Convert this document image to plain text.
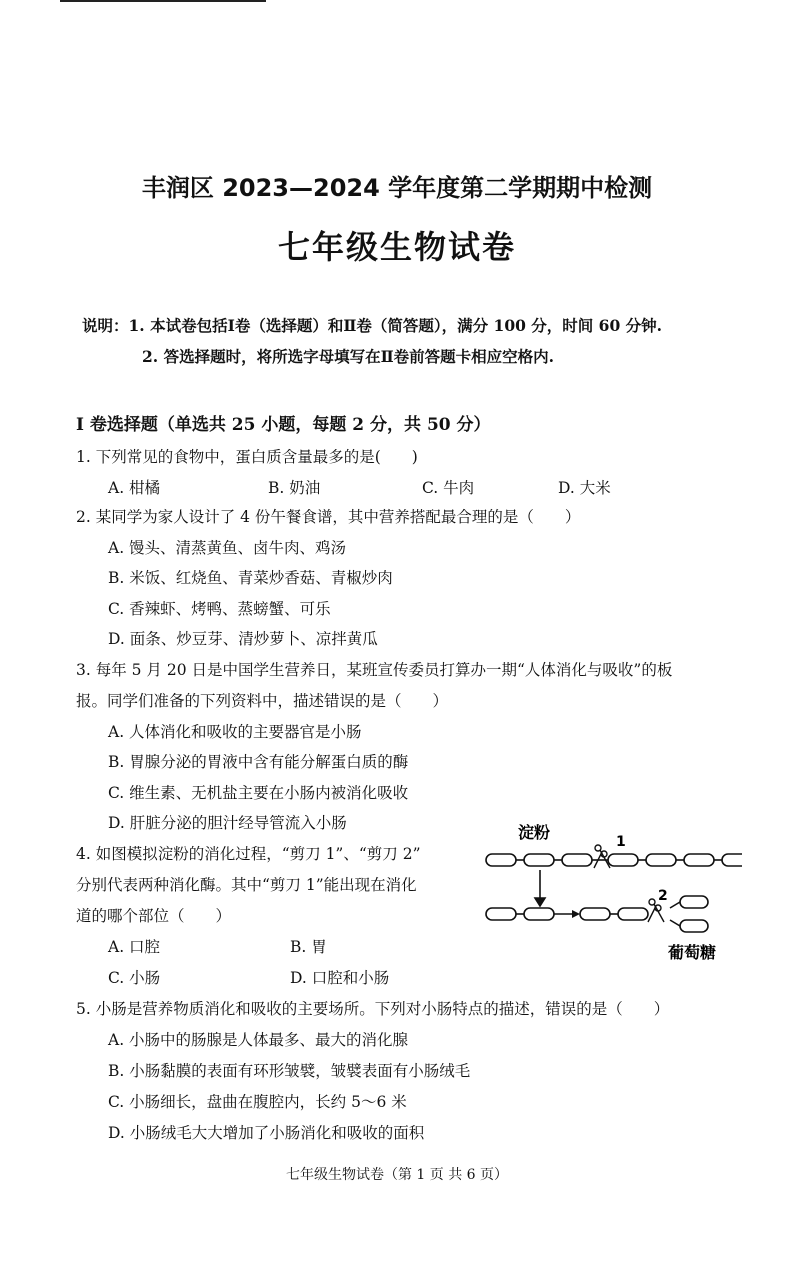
丰润区 2023—2024 学年度第二学期期中检测
七年级生物试卷
说明：1. 本试卷包括Ⅰ卷（选择题）和Ⅱ卷（简答题），满分 100 分，时间 60 分钟.
2. 答选择题时，将所选字母填写在Ⅱ卷前答题卡相应空格内.
Ⅰ 卷选择题（单选共 25 小题，每题 2 分，共 50 分）
1. 下列常见的食物中，蛋白质含量最多的是(　　)
A. 柑橘	B. 奶油	C. 牛肉	D. 大米
2. 某同学为家人设计了 4 份午餐食谱，其中营养搭配最合理的是（　　）
A. 馒头、清蒸黄鱼、卤牛肉、鸡汤
B. 米饭、红烧鱼、青菜炒香菇、青椒炒肉
C. 香辣虾、烤鸭、蒸螃蟹、可乐
D. 面条、炒豆芽、清炒萝卜、凉拌黄瓜
3. 每年 5 月 20 日是中国学生营养日，某班宣传委员打算办一期“人体消化与吸收”的板
报。同学们准备的下列资料中，描述错误的是（　　）
A. 人体消化和吸收的主要器官是小肠
B. 胃腺分泌的胃液中含有能分解蛋白质的酶
C. 维生素、无机盐主要在小肠内被消化吸收
D. 肝脏分泌的胆汁经导管流入小肠
4. 如图模拟淀粉的消化过程，“剪刀 1”、“剪刀 2”
分别代表两种消化酶。其中“剪刀 1”能出现在消化
道的哪个部位（　　）
A. 口腔	B. 胃
C. 小肠	D. 口腔和小肠
淀粉	1
2
葡萄糖
5. 小肠是营养物质消化和吸收的主要场所。下列对小肠特点的描述，错误的是（　　）
A. 小肠中的肠腺是人体最多、最大的消化腺
B. 小肠黏膜的表面有环形皱襞，皱襞表面有小肠绒毛
C. 小肠细长，盘曲在腹腔内，长约 5～6 米
D. 小肠绒毛大大增加了小肠消化和吸收的面积
七年级生物试卷（第 1 页 共 6 页）
